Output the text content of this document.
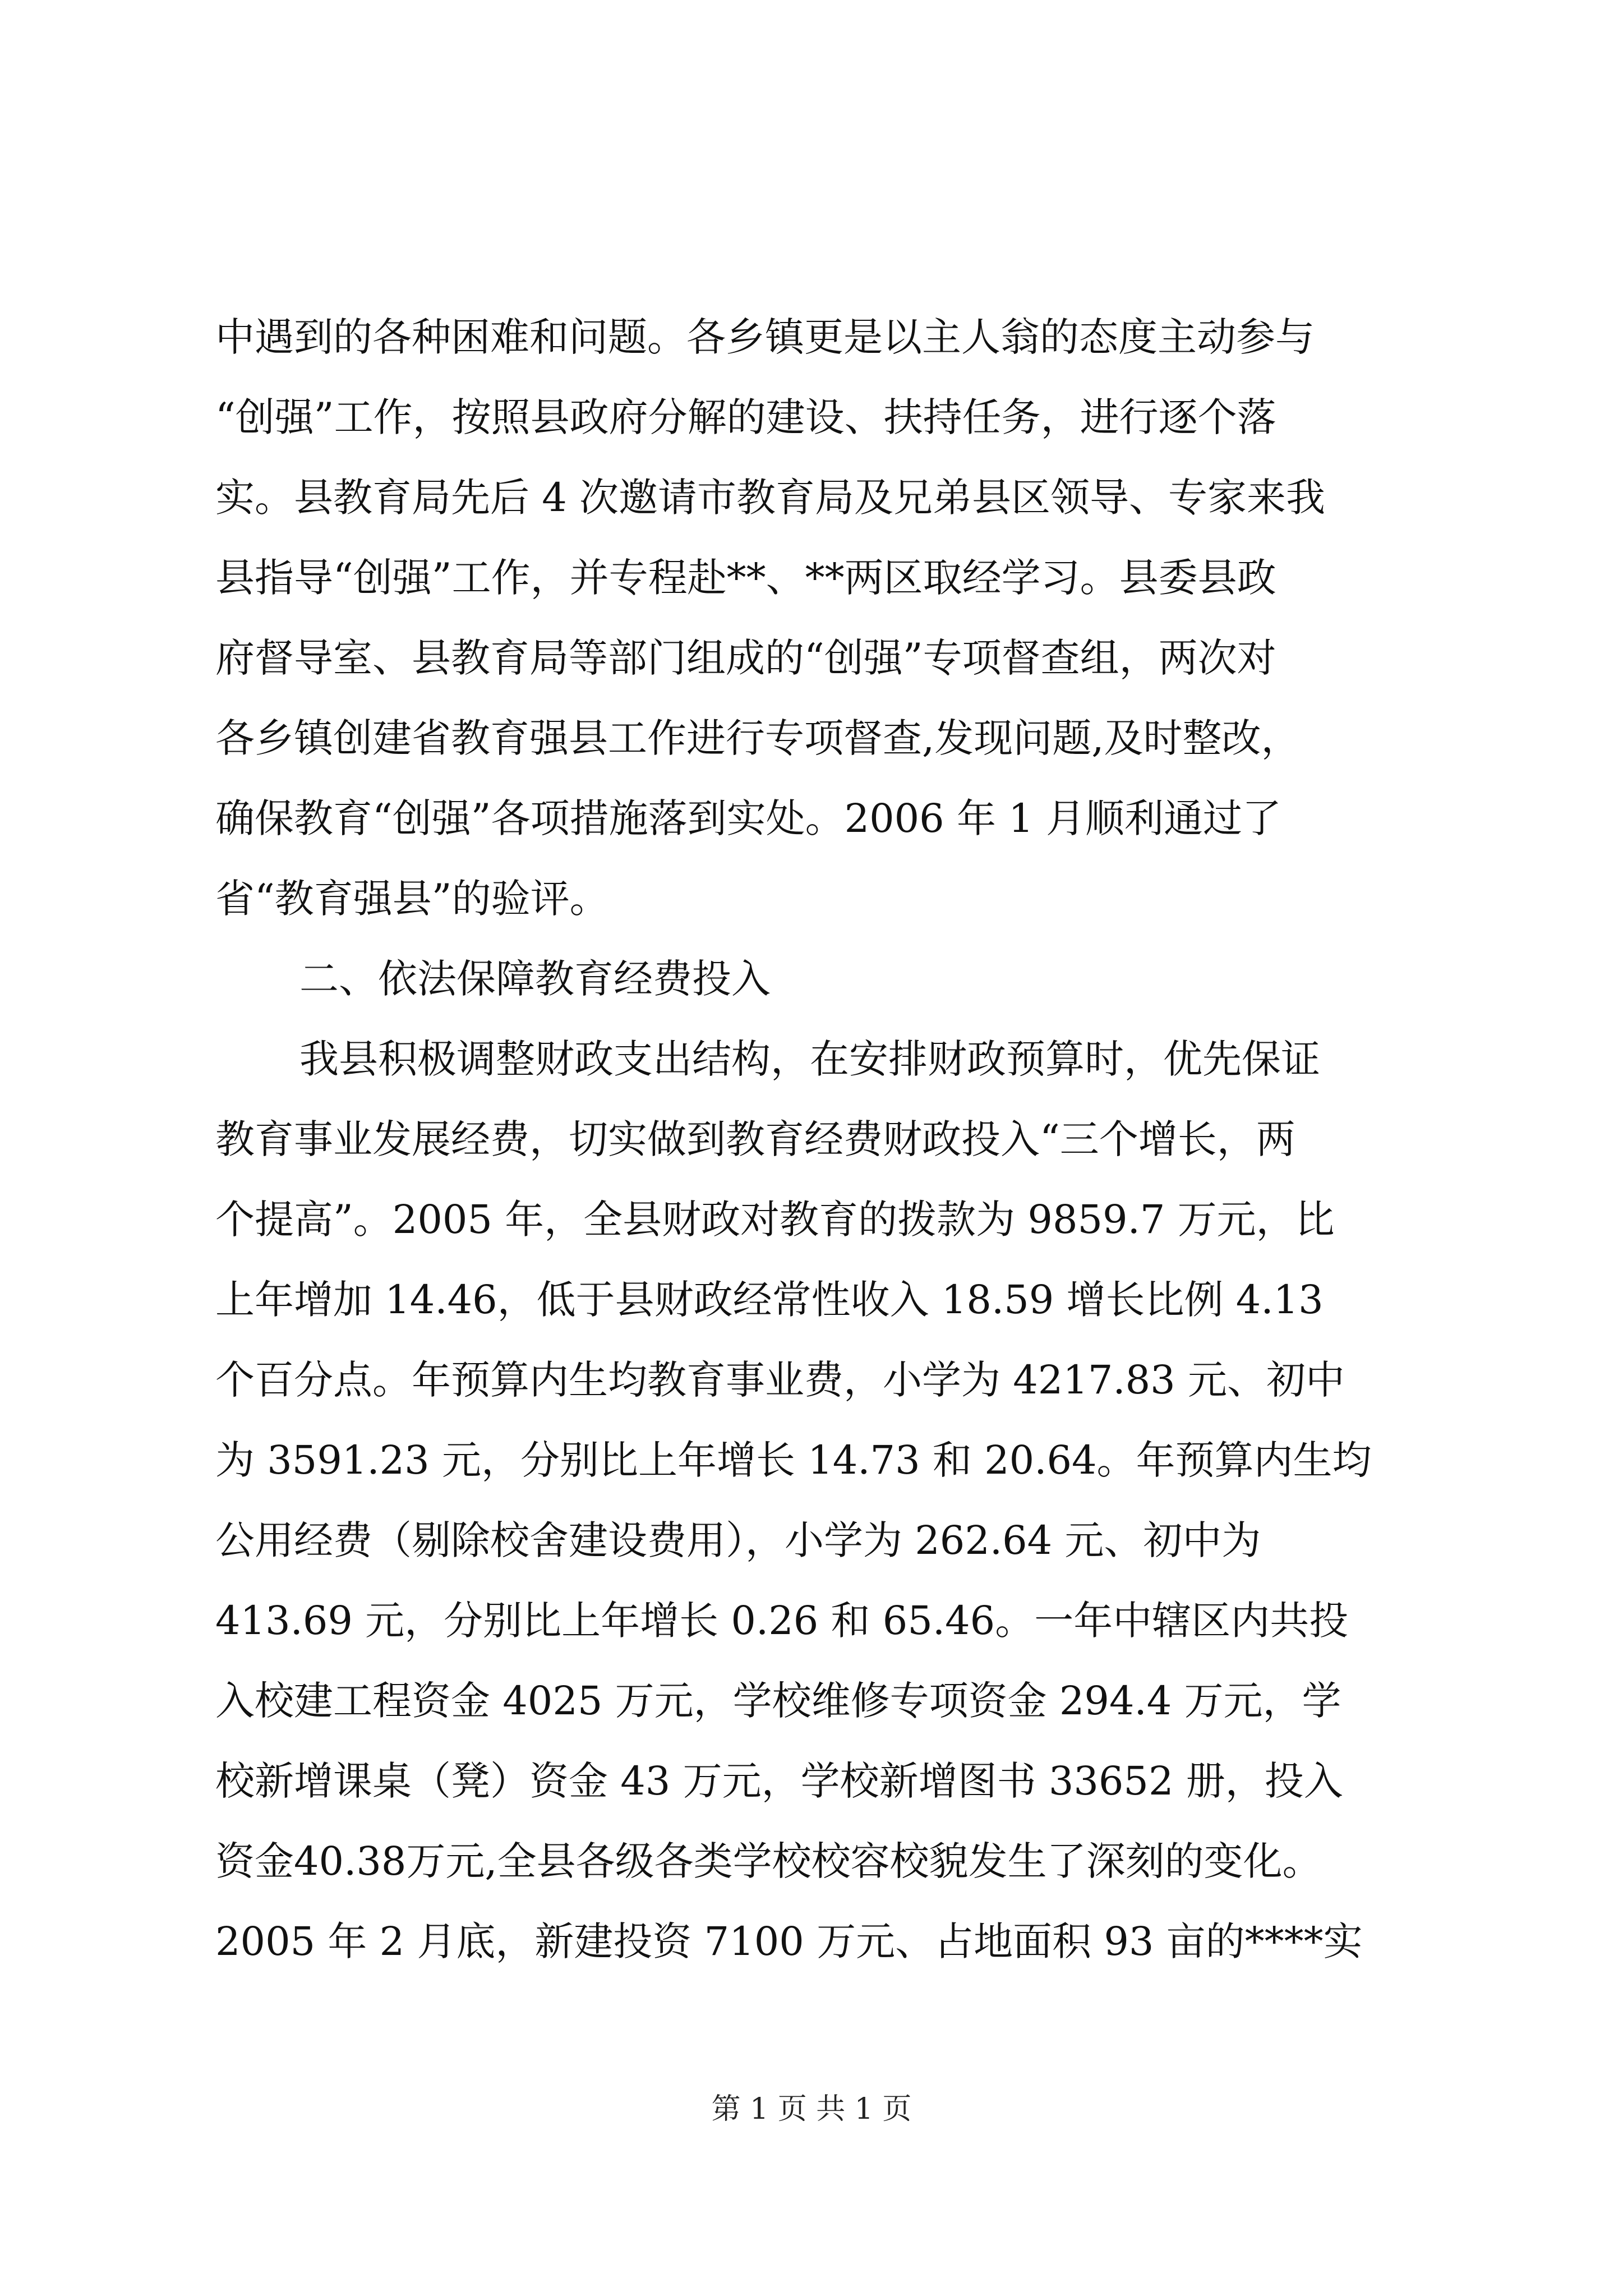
中遇到的各种困难和问题。各乡镇更是以主人翁的态度主动参与
“创强”工作，按照县政府分解的建设、扶持任务，进行逐个落
实。县教育局先后 4 次邀请市教育局及兄弟县区领导、专家来我
县指导“创强”工作，并专程赴**、**两区取经学习。县委县政
府督导室、县教育局等部门组成的“创强”专项督查组，两次对
各乡镇创建省教育强县工作进行专项督查,发现问题,及时整改，
确保教育“创强”各项措施落到实处。2006 年 1 月顺利通过了
省“教育强县”的验评。
二、依法保障教育经费投入
我县积极调整财政支出结构，在安排财政预算时，优先保证
教育事业发展经费，切实做到教育经费财政投入“三个增长，两
个提高”。2005 年，全县财政对教育的拨款为 9859.7 万元，比
上年增加 14.46，低于县财政经常性收入 18.59 增长比例 4.13
个百分点。年预算内生均教育事业费，小学为 4217.83 元、初中
为 3591.23 元，分别比上年增长 14.73 和 20.64。年预算内生均
公用经费（剔除校舍建设费用），小学为 262.64 元、初中为
413.69 元，分别比上年增长 0.26 和 65.46。一年中辖区内共投
入校建工程资金 4025 万元，学校维修专项资金 294.4 万元，学
校新增课桌（凳）资金 43 万元，学校新增图书 33652 册，投入
资金40.38万元,全县各级各类学校校容校貌发生了深刻的变化。
2005 年 2 月底，新建投资 7100 万元、占地面积 93 亩的****实
第 1 页 共 1 页
